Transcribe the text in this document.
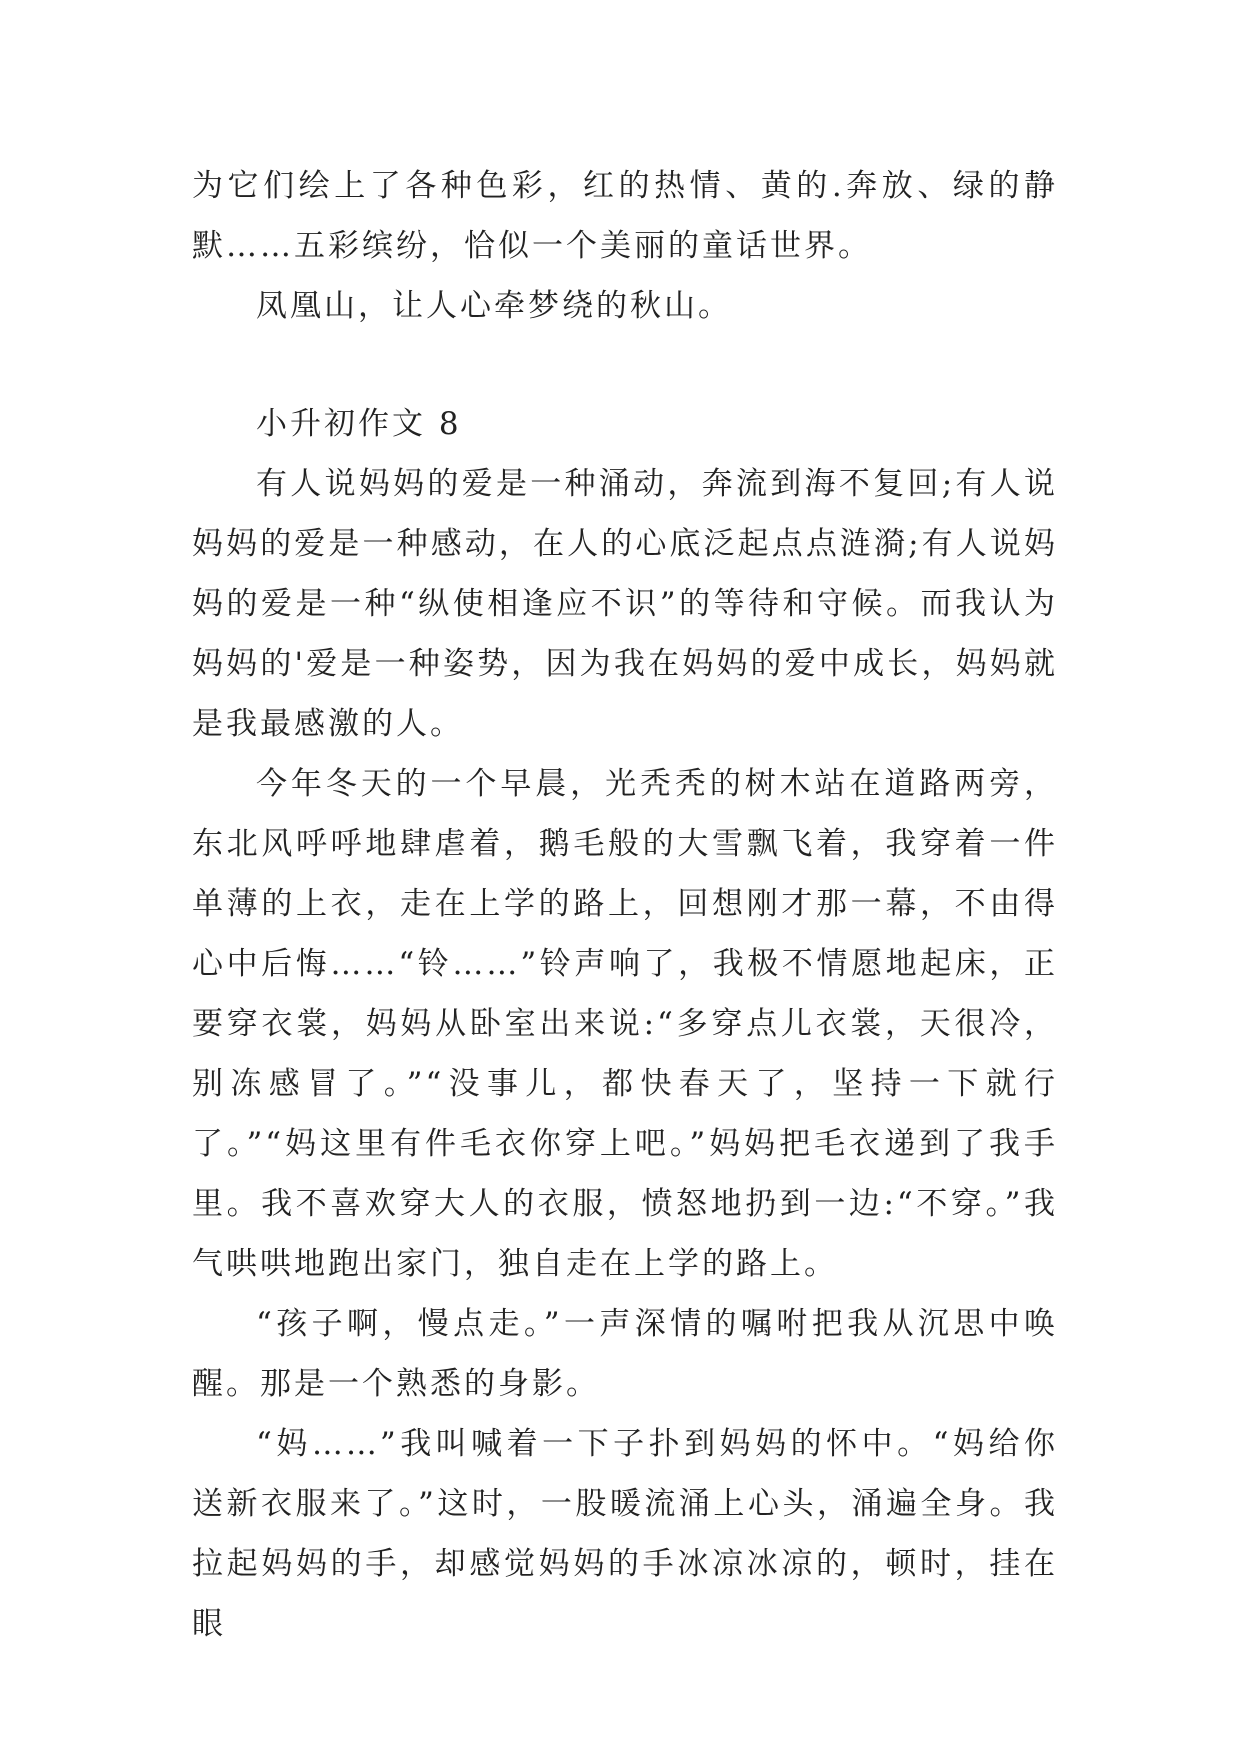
为它们绘上了各种色彩，红的热情、黄的.奔放、绿的静默……五彩缤纷，恰似一个美丽的童话世界。

凤凰山，让人心牵梦绕的秋山。

小升初作文 8

有人说妈妈的爱是一种涌动，奔流到海不复回;有人说妈妈的爱是一种感动，在人的心底泛起点点涟漪;有人说妈妈的爱是一种“纵使相逢应不识”的等待和守候。而我认为妈妈的'爱是一种姿势，因为我在妈妈的爱中成长，妈妈就是我最感激的人。

今年冬天的一个早晨，光秃秃的树木站在道路两旁，东北风呼呼地肆虐着，鹅毛般的大雪飘飞着，我穿着一件单薄的上衣，走在上学的路上，回想刚才那一幕，不由得心中后悔……“铃……”铃声响了，我极不情愿地起床，正要穿衣裳，妈妈从卧室出来说:“多穿点儿衣裳，天很冷，别冻感冒了。”“没事儿，都快春天了，坚持一下就行了。”“妈这里有件毛衣你穿上吧。”妈妈把毛衣递到了我手里。我不喜欢穿大人的衣服，愤怒地扔到一边:“不穿。”我气哄哄地跑出家门，独自走在上学的路上。

“孩子啊，慢点走。”一声深情的嘱咐把我从沉思中唤醒。那是一个熟悉的身影。

“妈……”我叫喊着一下子扑到妈妈的怀中。“妈给你送新衣服来了。”这时，一股暖流涌上心头，涌遍全身。我拉起妈妈的手，却感觉妈妈的手冰凉冰凉的，顿时，挂在眼
